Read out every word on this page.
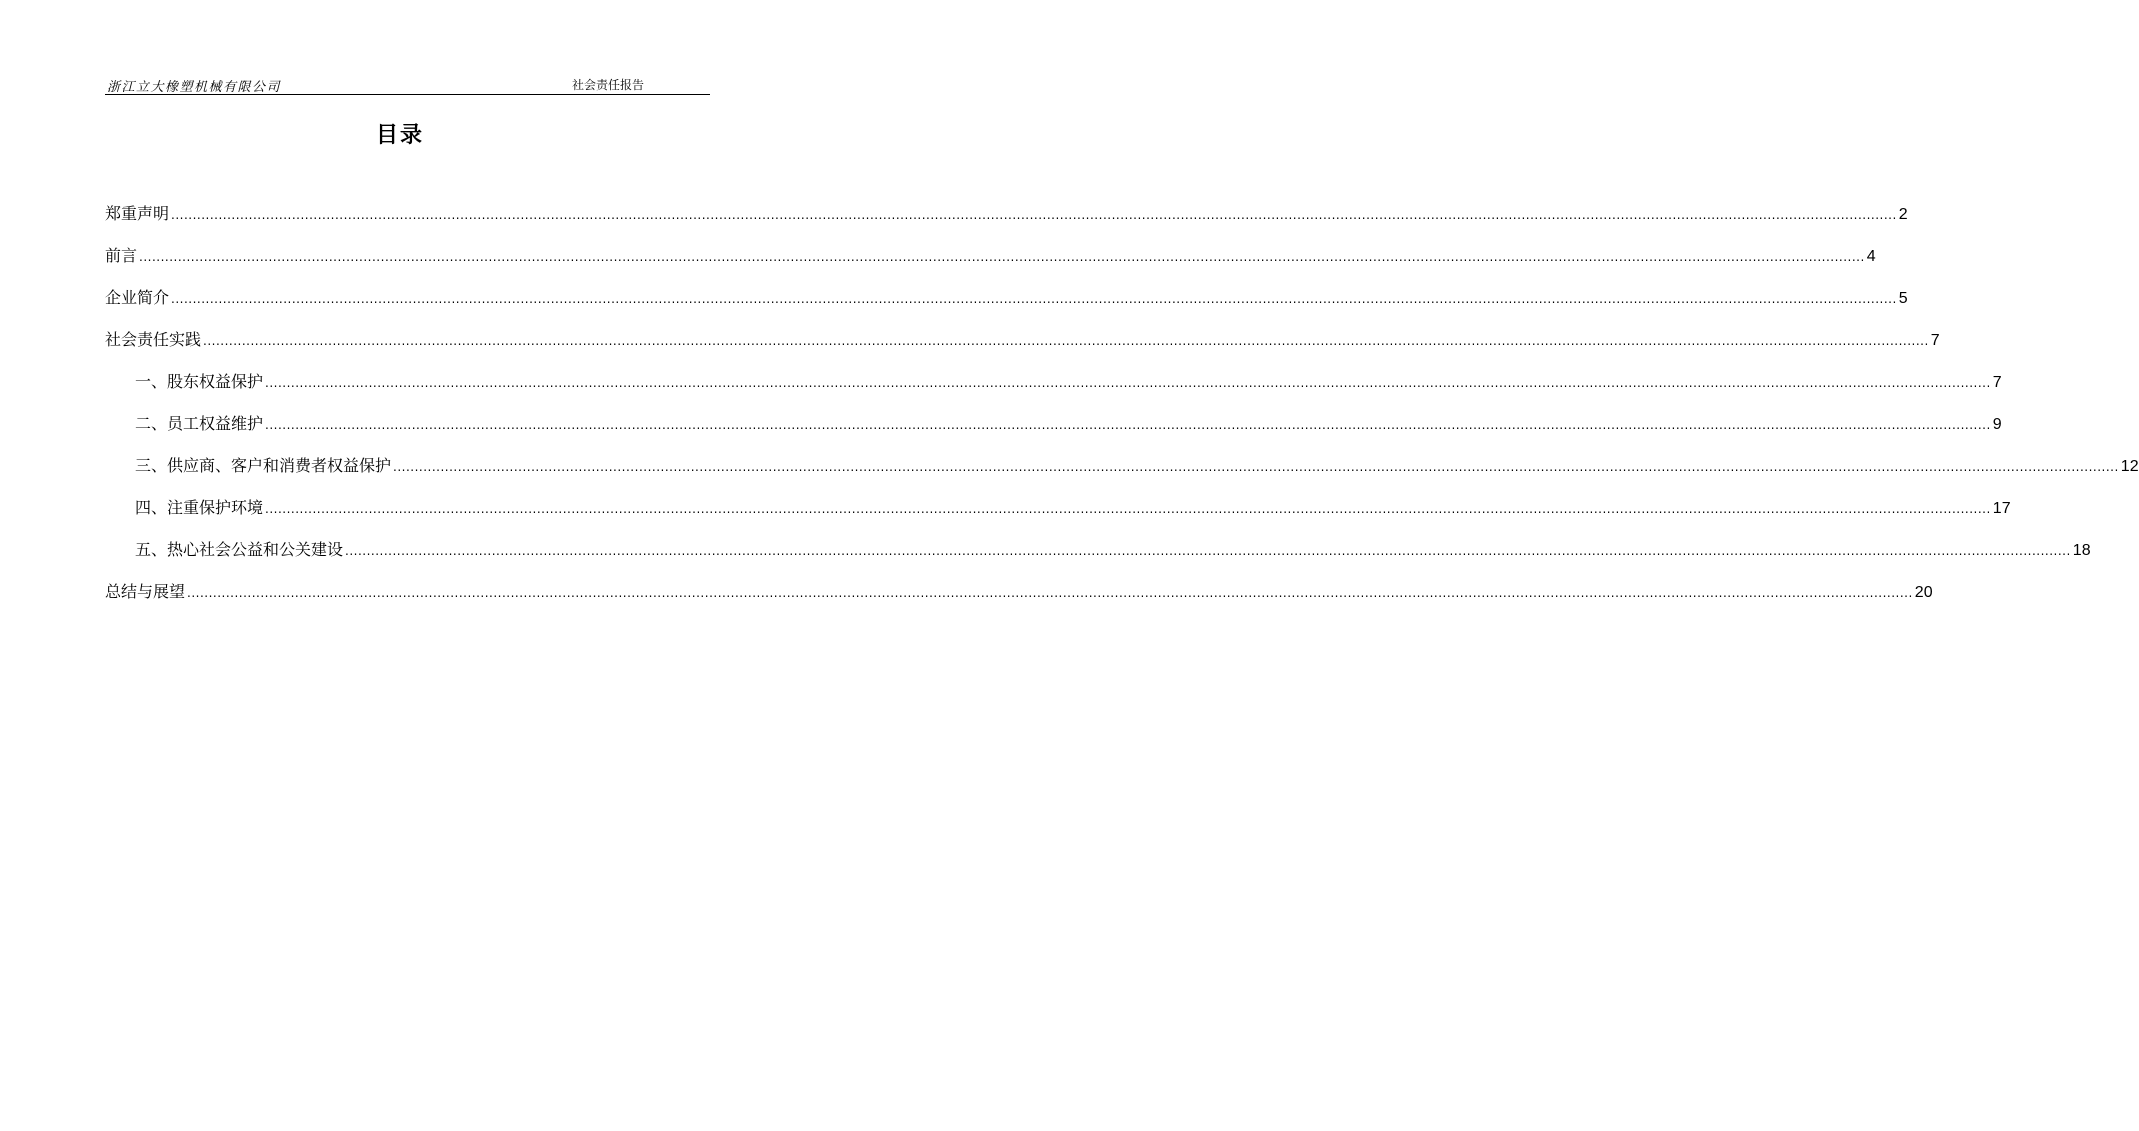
浙江立大橡塑机械有限公司	社会责任报告
目录
郑重声明 ................................................................................................................................................................................................................................................................................................................................................................................................................ 2
前言 ................................................................................................................................................................................................................................................................................................................................................................................................................ 4
企业简介 ................................................................................................................................................................................................................................................................................................................................................................................................................ 5
社会责任实践 ................................................................................................................................................................................................................................................................................................................................................................................................................ 7
一、股东权益保护 ................................................................................................................................................................................................................................................................................................................................................................................................................ 7
二、员工权益维护 ................................................................................................................................................................................................................................................................................................................................................................................................................ 9
三、供应商、客户和消费者权益保护 ................................................................................................................................................................................................................................................................................................................................................................................................................ 12
四、注重保护环境 ................................................................................................................................................................................................................................................................................................................................................................................................................ 17
五、热心社会公益和公关建设 ................................................................................................................................................................................................................................................................................................................................................................................................................ 18
总结与展望 ................................................................................................................................................................................................................................................................................................................................................................................................................ 20
